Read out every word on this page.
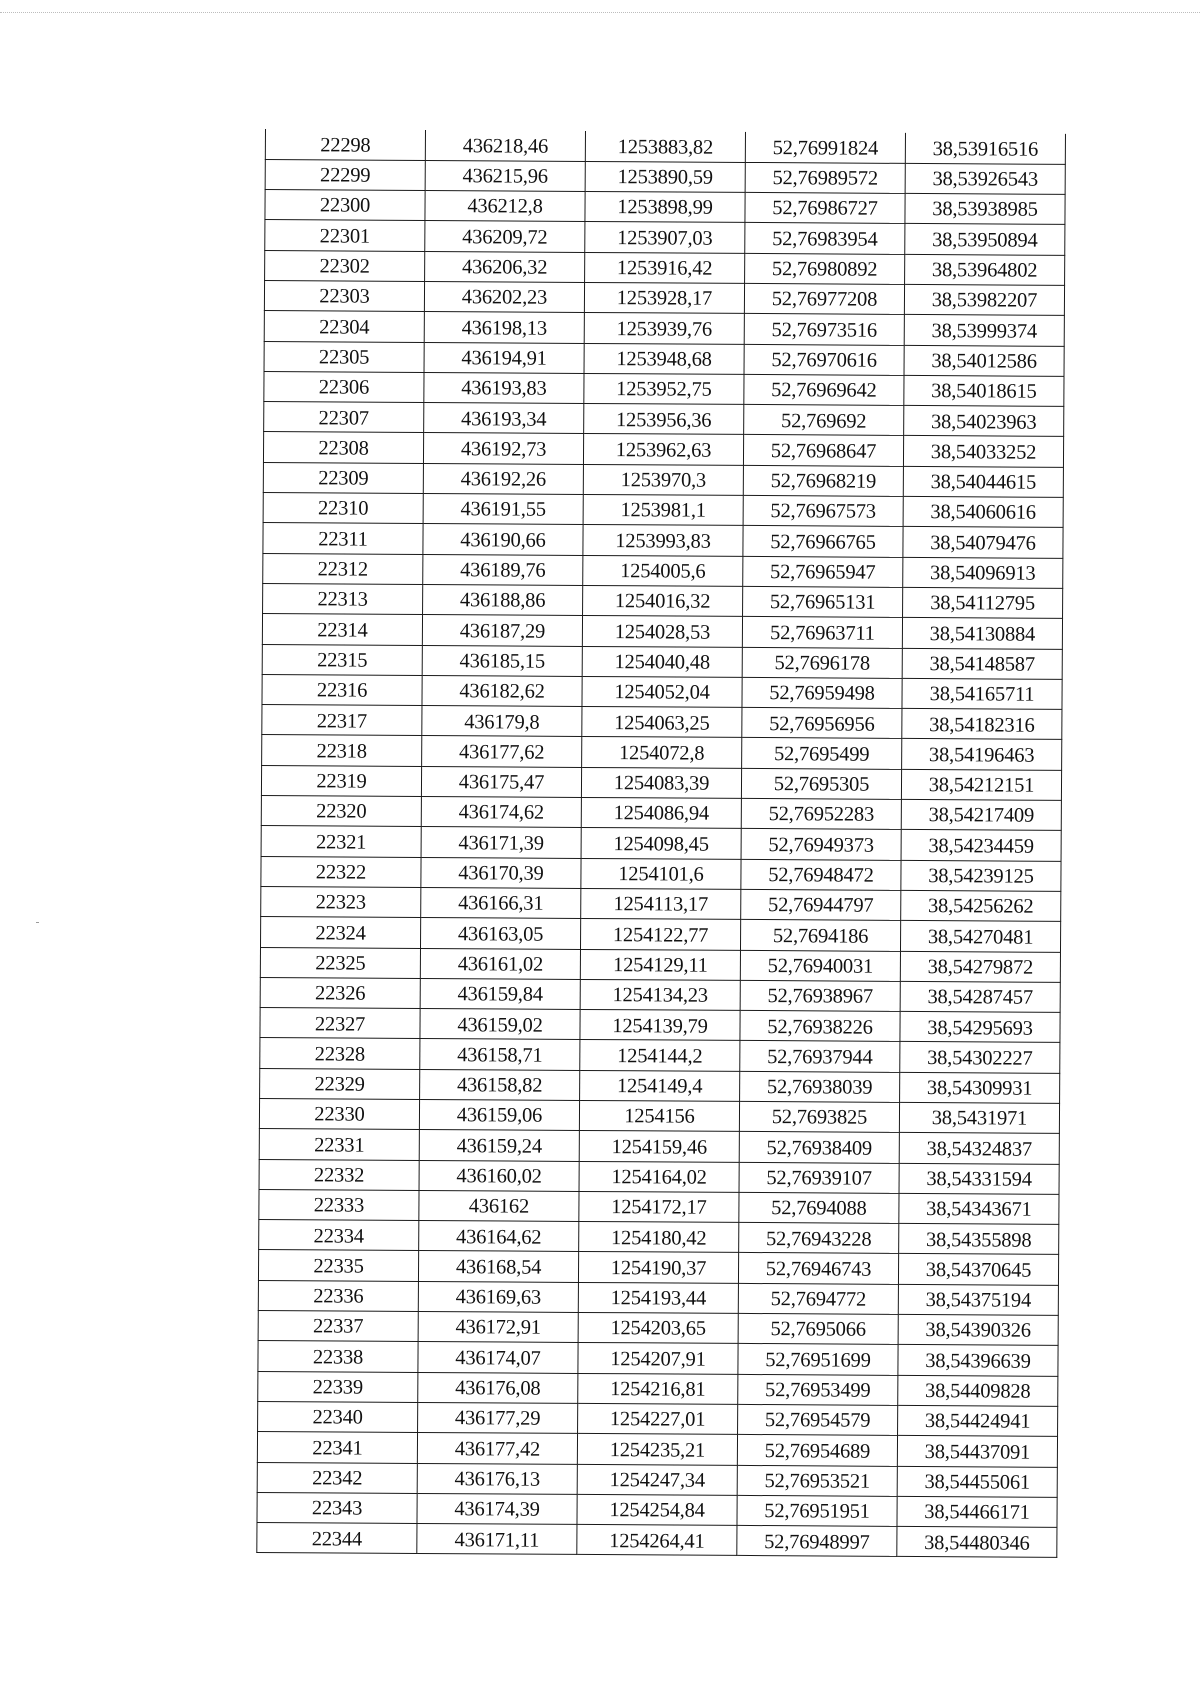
22298	436218,46	1253883,82	52,76991824	38,53916516
22299	436215,96	1253890,59	52,76989572	38,53926543
22300	436212,8	1253898,99	52,76986727	38,53938985
22301	436209,72	1253907,03	52,76983954	38,53950894
22302	436206,32	1253916,42	52,76980892	38,53964802
22303	436202,23	1253928,17	52,76977208	38,53982207
22304	436198,13	1253939,76	52,76973516	38,53999374
22305	436194,91	1253948,68	52,76970616	38,54012586
22306	436193,83	1253952,75	52,76969642	38,54018615
22307	436193,34	1253956,36	52,769692	38,54023963
22308	436192,73	1253962,63	52,76968647	38,54033252
22309	436192,26	1253970,3	52,76968219	38,54044615
22310	436191,55	1253981,1	52,76967573	38,54060616
22311	436190,66	1253993,83	52,76966765	38,54079476
22312	436189,76	1254005,6	52,76965947	38,54096913
22313	436188,86	1254016,32	52,76965131	38,54112795
22314	436187,29	1254028,53	52,76963711	38,54130884
22315	436185,15	1254040,48	52,7696178	38,54148587
22316	436182,62	1254052,04	52,76959498	38,54165711
22317	436179,8	1254063,25	52,76956956	38,54182316
22318	436177,62	1254072,8	52,7695499	38,54196463
22319	436175,47	1254083,39	52,7695305	38,54212151
22320	436174,62	1254086,94	52,76952283	38,54217409
22321	436171,39	1254098,45	52,76949373	38,54234459
22322	436170,39	1254101,6	52,76948472	38,54239125
22323	436166,31	1254113,17	52,76944797	38,54256262
22324	436163,05	1254122,77	52,7694186	38,54270481
22325	436161,02	1254129,11	52,76940031	38,54279872
22326	436159,84	1254134,23	52,76938967	38,54287457
22327	436159,02	1254139,79	52,76938226	38,54295693
22328	436158,71	1254144,2	52,76937944	38,54302227
22329	436158,82	1254149,4	52,76938039	38,54309931
22330	436159,06	1254156	52,7693825	38,5431971
22331	436159,24	1254159,46	52,76938409	38,54324837
22332	436160,02	1254164,02	52,76939107	38,54331594
22333	436162	1254172,17	52,7694088	38,54343671
22334	436164,62	1254180,42	52,76943228	38,54355898
22335	436168,54	1254190,37	52,76946743	38,54370645
22336	436169,63	1254193,44	52,7694772	38,54375194
22337	436172,91	1254203,65	52,7695066	38,54390326
22338	436174,07	1254207,91	52,76951699	38,54396639
22339	436176,08	1254216,81	52,76953499	38,54409828
22340	436177,29	1254227,01	52,76954579	38,54424941
22341	436177,42	1254235,21	52,76954689	38,54437091
22342	436176,13	1254247,34	52,76953521	38,54455061
22343	436174,39	1254254,84	52,76951951	38,54466171
22344	436171,11	1254264,41	52,76948997	38,54480346
